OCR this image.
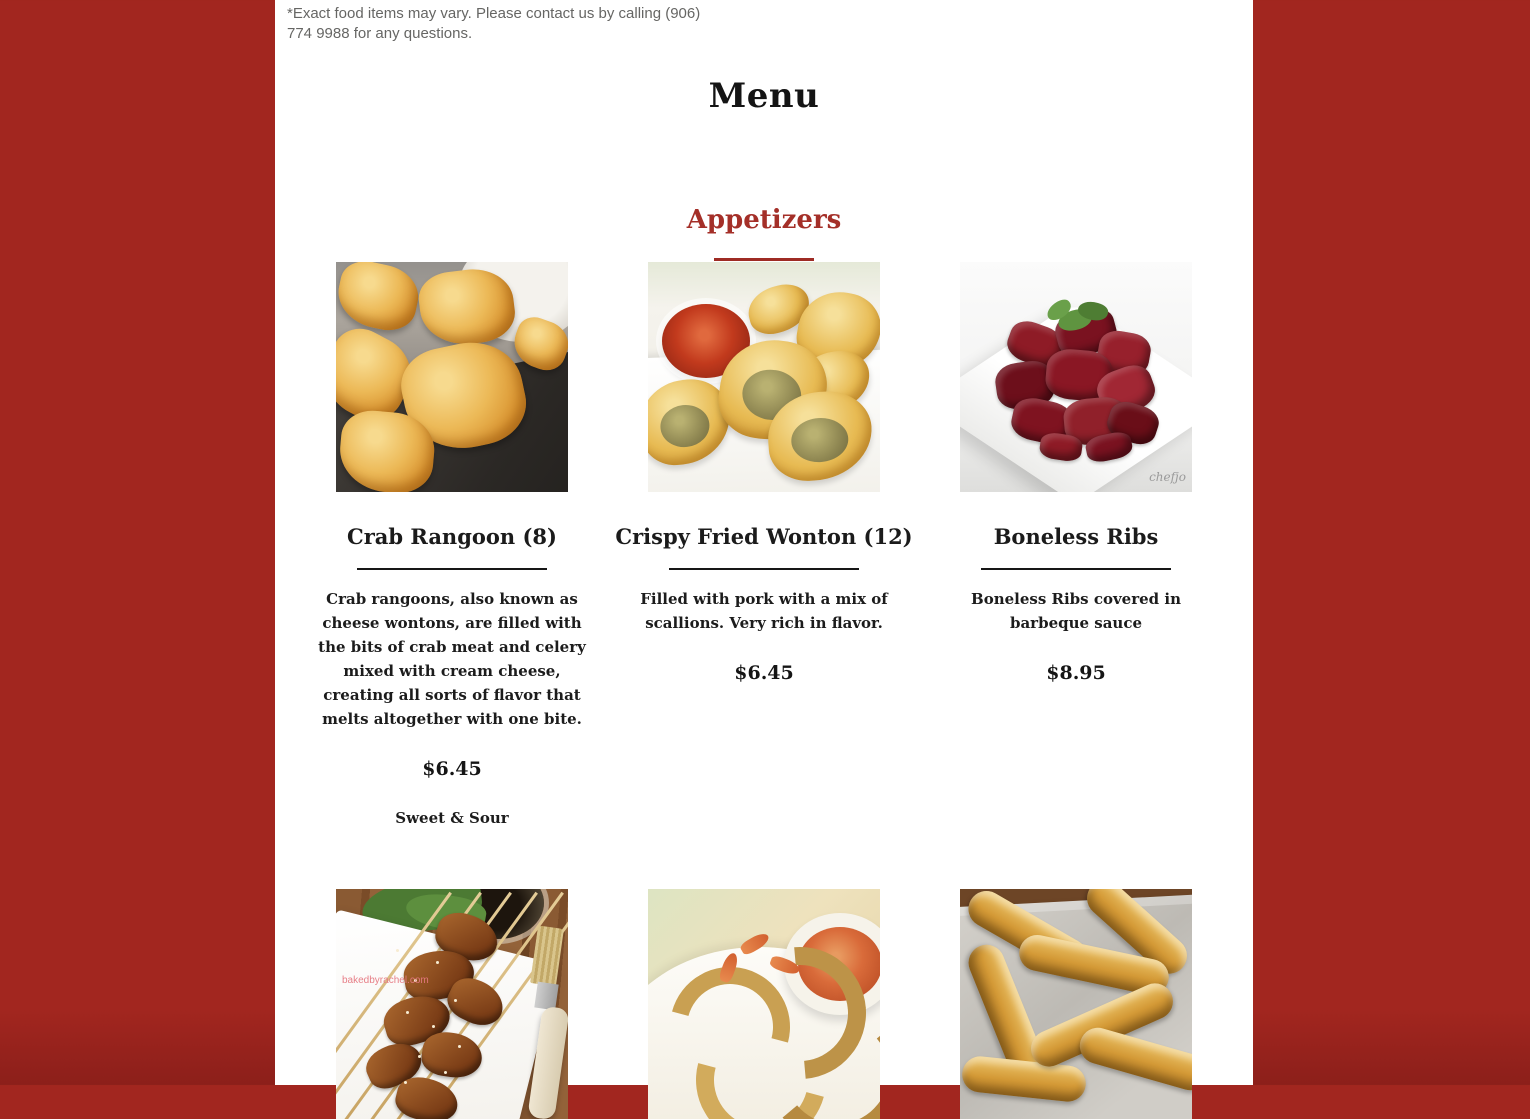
*Exact food items may vary. Please contact us by calling (906) 774 9988 for any questions.

Menu
Appetizers
Crab Rangoon (8)
Crab rangoons, also known as cheese wontons, are filled with the bits of crab meat and celery mixed with cream cheese, creating all sorts of flavor that melts altogether with one bite.
$6.45
Sweet & Sour
Crispy Fried Wonton (12)
Filled with pork with a mix of scallions. Very rich in flavor.
$6.45
chefjo
Boneless Ribs
Boneless Ribs covered in barbeque sauce
$8.95
bakedbyrachel.com
